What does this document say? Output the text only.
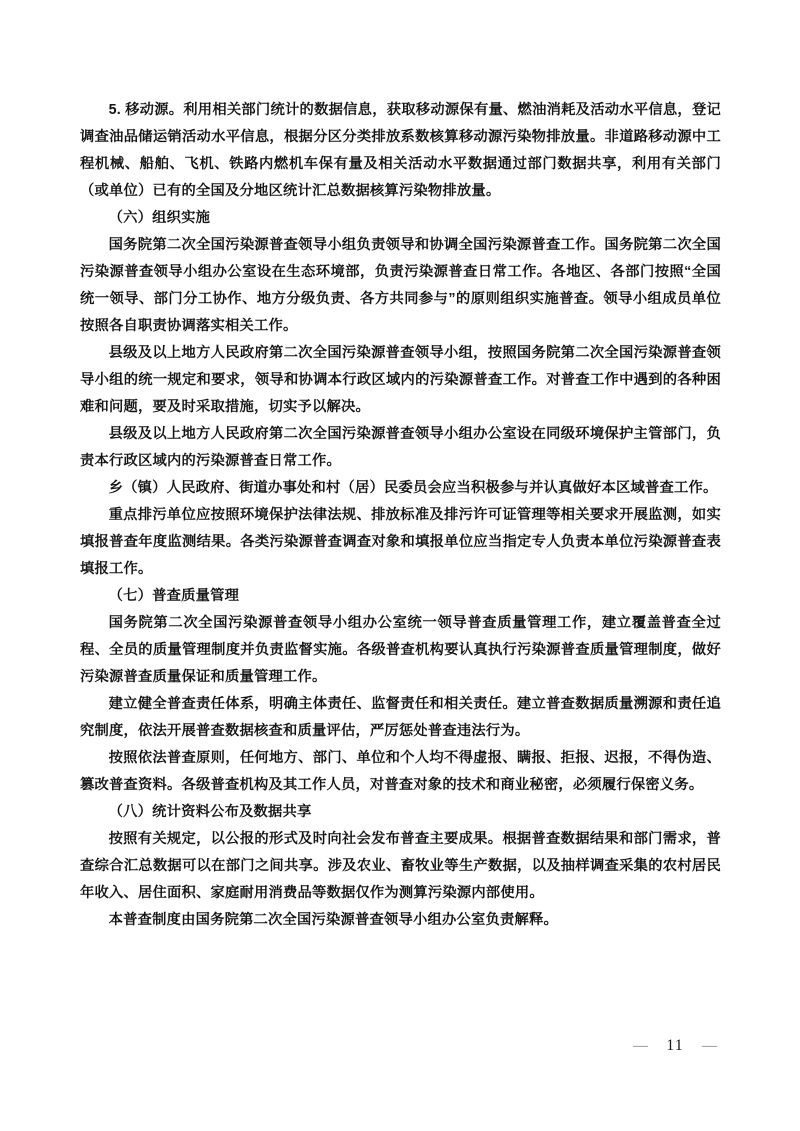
5. 移动源。利用相关部门统计的数据信息，获取移动源保有量、燃油消耗及活动水平信息，登记调查油品储运销活动水平信息，根据分区分类排放系数核算移动源污染物排放量。非道路移动源中工程机械、船舶、飞机、铁路内燃机车保有量及相关活动水平数据通过部门数据共享，利用有关部门（或单位）已有的全国及分地区统计汇总数据核算污染物排放量。

（六）组织实施

国务院第二次全国污染源普查领导小组负责领导和协调全国污染源普查工作。国务院第二次全国污染源普查领导小组办公室设在生态环境部，负责污染源普查日常工作。各地区、各部门按照“全国统一领导、部门分工协作、地方分级负责、各方共同参与”的原则组织实施普查。领导小组成员单位按照各自职责协调落实相关工作。

县级及以上地方人民政府第二次全国污染源普查领导小组，按照国务院第二次全国污染源普查领导小组的统一规定和要求，领导和协调本行政区域内的污染源普查工作。对普查工作中遇到的各种困难和问题，要及时采取措施，切实予以解决。

县级及以上地方人民政府第二次全国污染源普查领导小组办公室设在同级环境保护主管部门，负责本行政区域内的污染源普查日常工作。

乡（镇）人民政府、街道办事处和村（居）民委员会应当积极参与并认真做好本区域普查工作。

重点排污单位应按照环境保护法律法规、排放标准及排污许可证管理等相关要求开展监测，如实填报普查年度监测结果。各类污染源普查调查对象和填报单位应当指定专人负责本单位污染源普查表填报工作。

（七）普查质量管理

国务院第二次全国污染源普查领导小组办公室统一领导普查质量管理工作，建立覆盖普查全过程、全员的质量管理制度并负责监督实施。各级普查机构要认真执行污染源普查质量管理制度，做好污染源普查质量保证和质量管理工作。

建立健全普查责任体系，明确主体责任、监督责任和相关责任。建立普查数据质量溯源和责任追究制度，依法开展普查数据核查和质量评估，严厉惩处普查违法行为。

按照依法普查原则，任何地方、部门、单位和个人均不得虚报、瞒报、拒报、迟报，不得伪造、篡改普查资料。各级普查机构及其工作人员，对普查对象的技术和商业秘密，必须履行保密义务。

（八）统计资料公布及数据共享

按照有关规定，以公报的形式及时向社会发布普查主要成果。根据普查数据结果和部门需求，普查综合汇总数据可以在部门之间共享。涉及农业、畜牧业等生产数据，以及抽样调查采集的农村居民年收入、居住面积、家庭耐用消费品等数据仅作为测算污染源内部使用。

本普查制度由国务院第二次全国污染源普查领导小组办公室负责解释。

— 11 —
